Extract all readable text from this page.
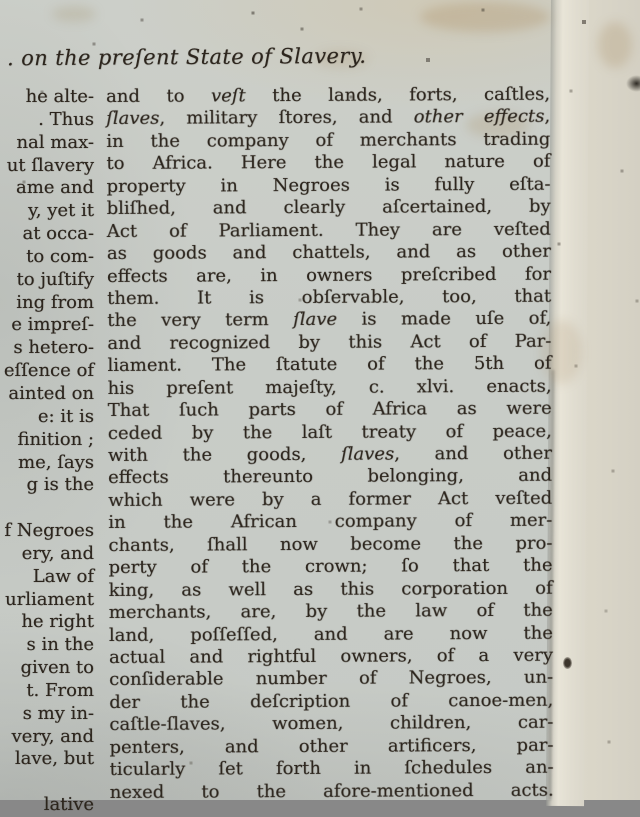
. on the preſent State of Slavery.
he alte-
. Thus
nal max-
ut ſlavery
ame and
y, yet it
at occa-
to com-
to juſtify
ing from
e impreſ-
s hetero-
eſſence of
ainted on
e: it is
finition ;
me, ſays
g is the

f Negroes
ery, and
Law of
urliament
he right
s in the
given to
t. From
s my in-
very, and
lave, but

lative
and to veſt the lands, forts, caſtles,
ſlaves, military ſtores, and other effects,
in the company of merchants trading
to Africa. Here the legal nature of
property in Negroes is fully eſta-
bliſhed, and clearly aſcertained, by
Act of Parliament. They are veſted
as goods and chattels, and as other
effects are, in owners preſcribed for
them. It is obſervable, too, that
the very term ſlave is made uſe of,
and recognized by this Act of Par-
liament. The ſtatute of the 5th of
his preſent majeſty, c. xlvi. enacts,
That ſuch parts of Africa as were
ceded by the laſt treaty of peace,
with the goods, ſlaves, and other
effects thereunto belonging, and
which were by a former Act veſted
in the African company of mer-
chants, ſhall now become the pro-
perty of the crown; ſo that the
king, as well as this corporation of
merchants, are, by the law of the
land, poſſeſſed, and are now the
actual and rightful owners, of a very
conſiderable number of Negroes, un-
der the deſcription of canoe-men,
caſtle-ſlaves, women, children, car-
penters, and other artificers, par-
ticularly ſet forth in ſchedules an-
nexed to the afore-mentioned acts.
